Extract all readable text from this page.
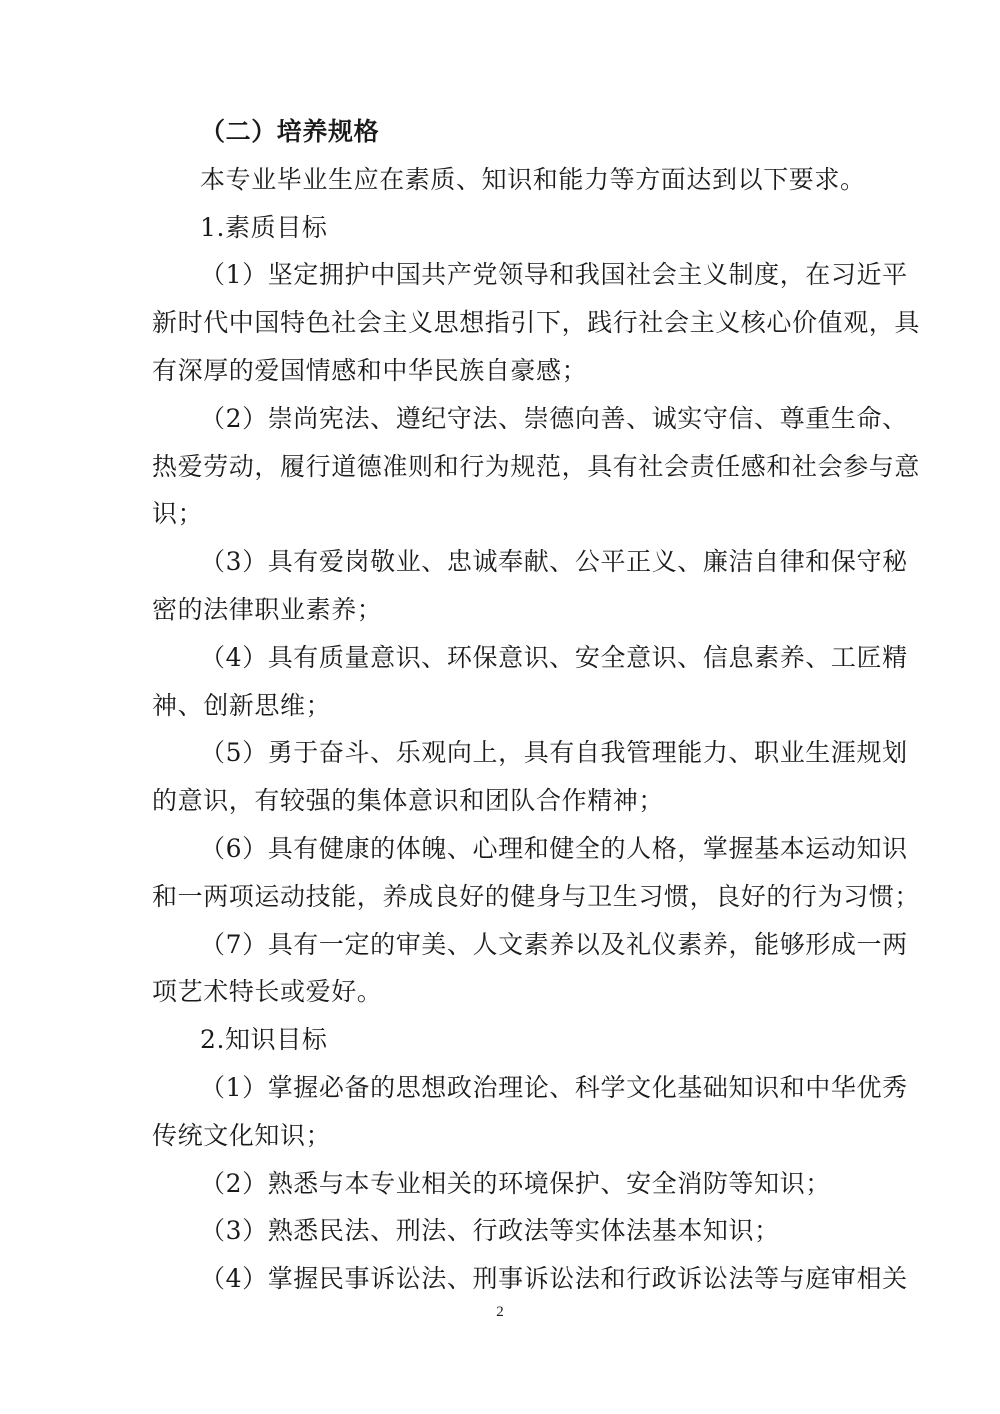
（二）培养规格
本专业毕业生应在素质、知识和能力等方面达到以下要求。
1.素质目标
（1）坚定拥护中国共产党领导和我国社会主义制度，在习近平
新时代中国特色社会主义思想指引下，践行社会主义核心价值观，具
有深厚的爱国情感和中华民族自豪感；
（2）崇尚宪法、遵纪守法、崇德向善、诚实守信、尊重生命、
热爱劳动，履行道德准则和行为规范，具有社会责任感和社会参与意
识；
（3）具有爱岗敬业、忠诚奉献、公平正义、廉洁自律和保守秘
密的法律职业素养；
（4）具有质量意识、环保意识、安全意识、信息素养、工匠精
神、创新思维；
（5）勇于奋斗、乐观向上，具有自我管理能力、职业生涯规划
的意识，有较强的集体意识和团队合作精神；
（6）具有健康的体魄、心理和健全的人格，掌握基本运动知识
和一两项运动技能，养成良好的健身与卫生习惯，良好的行为习惯；
（7）具有一定的审美、人文素养以及礼仪素养，能够形成一两
项艺术特长或爱好。
2.知识目标
（1）掌握必备的思想政治理论、科学文化基础知识和中华优秀
传统文化知识；
（2）熟悉与本专业相关的环境保护、安全消防等知识；
（3）熟悉民法、刑法、行政法等实体法基本知识；
（4）掌握民事诉讼法、刑事诉讼法和行政诉讼法等与庭审相关
2
